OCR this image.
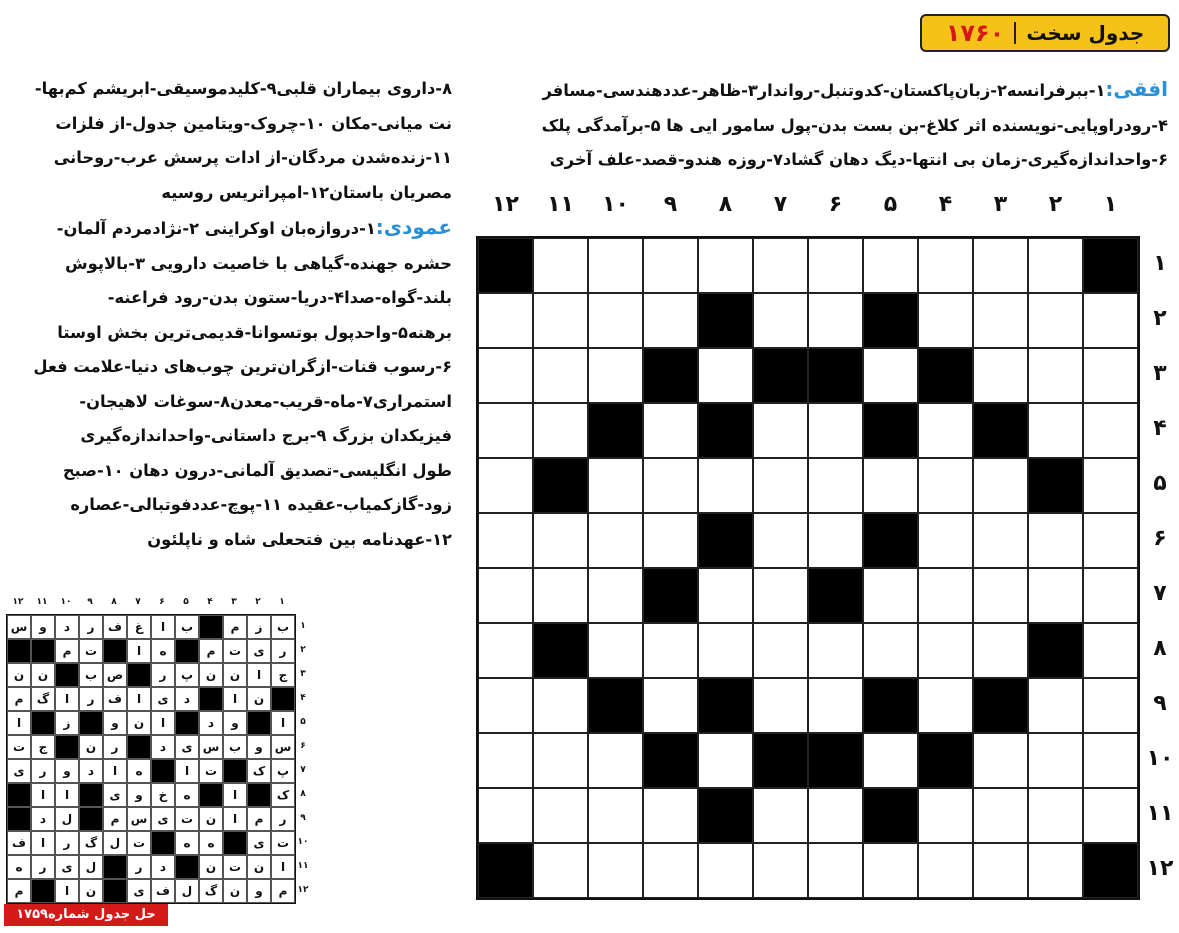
جدول سخت
۱۷۶۰
افقی:۱-ببرفرانسه۲-زبان‌پاکستان-کدوتنبل-رواندار۳-ظاهر-عددهندسی-مسافر
۴-رودراوپایی-نویسنده اثر کلاغ-بن بست بدن-پول سامور ایی ها ۵-برآمدگی پلک
۶-واحداندازه‌گیری-زمان بی انتها-دیگ دهان گشاد۷-روزه هندو-قصد-علف آخری
۸-داروی بیماران قلبی۹-کلیدموسیقی-ابریشم کم‌بها-
نت میانی-مکان ۱۰-چروک-ویتامین جدول-از فلزات
۱۱-زنده‌شدن مردگان-از ادات پرسش عرب-روحانی
مصریان باستان۱۲-امپراتریس روسیه
عمودی:۱-دروازه‌بان اوکراینی ۲-نژادمردم آلمان-
حشره جهنده-گیاهی با خاصیت دارویی ۳-بالاپوش
بلند-گواه-صدا۴-دریا-ستون بدن-رود فراعنه-
برهنه۵-واحدپول بوتسوانا-قدیمی‌ترین بخش اوستا
۶-رسوب قنات-ازگران‌ترین چوب‌های دنیا-علامت فعل
استمراری۷-ماه-قریب-معدن۸-سوغات لاهیجان-
فیزیکدان بزرگ ۹-برج داستانی-واحداندازه‌گیری
طول انگلیسی-تصدیق آلمانی-درون دهان ۱۰-صبح
زود-گازکمیاب-عقیده ۱۱-پوچ-عددفوتبالی-عصاره
۱۲-عهدنامه بین فتحعلی شاه و ناپلئون
۱
۲
۳
۴
۵
۶
۷
۸
۹
۱۰
۱۱
۱۲
۱
۲
۳
۴
۵
۶
۷
۸
۹
۱۰
۱۱
۱۲
۱
۲
۳
۴
۵
۶
۷
۸
۹
۱۰
۱۱
۱۲
۱
۲
۳
۴
۵
۶
۷
۸
۹
۱۰
۱۱
۱۲
ب
ز
م
ب
ا
غ
ف
ر
د
و
س
ر
ی
ت
م
ه
ا
ت
م
ج
ا
ن
ن
پ
ر
ص
ب
ن
ن
ن
ا
د
ی
ا
ف
ر
ا
گ
م
ا
و
د
ا
ن
و
ز
ا
س
و
ب
س
ی
د
ر
ن
ج
ت
پ
ک
ت
ا
ه
ا
د
و
ر
ی
ک
ا
ه
خ
و
ی
ا
ا
ر
م
ا
ن
ت
ی
س
م
ل
د
ت
ی
ه
ه
ت
ل
گ
ر
ا
ف
ا
ن
ت
ن
د
ر
ل
ی
ر
ه
م
و
ن
گ
ل
ف
ی
ن
ا
م
حل جدول شماره۱۷۵۹
